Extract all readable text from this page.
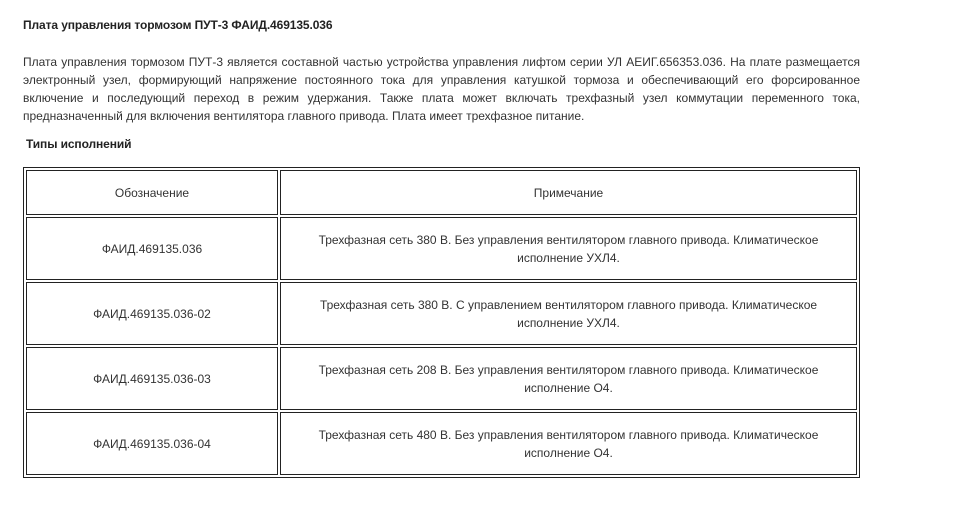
Плата управления тормозом ПУТ-3 ФАИД.469135.036

Плата управления тормозом ПУТ-3 является составной частью устройства управления лифтом серии УЛ АЕИГ.656353.036. На плате размещается электронный узел, формирующий напряжение постоянного тока для управления катушкой тормоза и обеспечивающий его форсированное включение и последующий переход в режим удержания. Также плата может включать трехфазный узел коммутации переменного тока, предназначенный для включения вентилятора главного привода. Плата имеет трехфазное питание.

Типы исполнений
Обозначение	Примечание
ФАИД.469135.036	Трехфазная сеть 380 В. Без управления вентилятором главного привода. Климатическое исполнение УХЛ4.
ФАИД.469135.036-02	Трехфазная сеть 380 В. С управлением вентилятором главного привода. Климатическое исполнение УХЛ4.
ФАИД.469135.036-03	Трехфазная сеть 208 В. Без управления вентилятором главного привода. Климатическое исполнение О4.
ФАИД.469135.036-04	Трехфазная сеть 480 В. Без управления вентилятором главного привода. Климатическое исполнение О4.
